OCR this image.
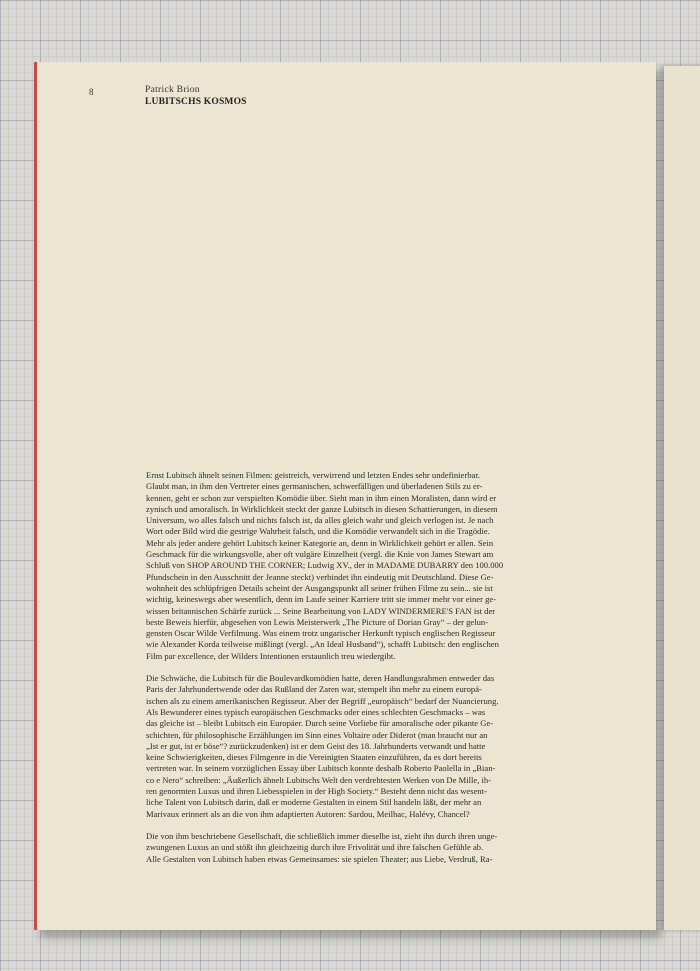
8	Patrick Brion
LUBITSCHS KOSMOS

Ernst Lubitsch ähnelt seinen Filmen: geistreich, verwirrend und letzten Endes sehr undefinierbar.
Glaubt man, in ihm den Vertreter eines germanischen, schwerfälligen und überladenen Stils zu er-
kennen, geht er schon zur verspielten Komödie über. Sieht man in ihm einen Moralisten, dann wird er
zynisch und amoralisch. In Wirklichkeit steckt der ganze Lubitsch in diesen Schattierungen, in diesem
Universum, wo alles falsch und nichts falsch ist, da alles gleich wahr und gleich verlogen ist. Je nach
Wort oder Bild wird die gestrige Wahrheit falsch, und die Komödie verwandelt sich in die Tragödie.
Mehr als jeder andere gehört Lubitsch keiner Kategorie an, denn in Wirklichkeit gehört er allen. Sein
Geschmack für die wirkungsvolle, aber oft vulgäre Einzelheit (vergl. die Knie von James Stewart am
Schluß von SHOP AROUND THE CORNER; Ludwig XV., der in MADAME DUBARRY den 100.000
Pfundschein in den Ausschnitt der Jeanne steckt) verbindet ihn eindeutig mit Deutschland. Diese Ge-
wohnheit des schlüpfrigen Details scheint der Ausgangspunkt all seiner frühen Filme zu sein... sie ist
wichtig, keineswegs aber wesentlich, denn im Laufe seiner Karriere tritt sie immer mehr vor einer ge-
wissen britannischen Schärfe zurück ... Seine Bearbeitung von LADY WINDERMERE'S FAN ist der
beste Beweis hierfür, abgesehen von Lewis Meisterwerk „The Picture of Dorian Gray“ – der gelun-
gensten Oscar Wilde Verfilmung. Was einem trotz ungarischer Herkunft typisch englischen Regisseur
wie Alexander Korda teilweise mißlingt (vergl. „An Ideal Husband“), schafft Lubitsch: den englischen
Film par excellence, der Wilders Intentionen erstaunlich treu wiedergibt.

Die Schwäche, die Lubitsch für die Boulevardkomödien hatte, deren Handlungsrahmen entweder das
Paris der Jahrhundertwende oder das Rußland der Zaren war, stempelt ihn mehr zu einem europä-
ischen als zu einem amerikanischen Regisseur. Aber der Begriff „europäisch“ bedarf der Nuancierung.
Als Bewunderer eines typisch europäischen Geschmacks oder eines schlechten Geschmacks – was
das gleiche ist – bleibt Lubitsch ein Europäer. Durch seine Vorliebe für amoralische oder pikante Ge-
schichten, für philosophische Erzählungen im Sinn eines Voltaire oder Diderot (man braucht nur an
„Ist er gut, ist er böse“? zurückzudenken) ist er dem Geist des 18. Jahrhunderts verwandt und hatte
keine Schwierigkeiten, dieses Filmgenre in die Vereinigten Staaten einzuführen, da es dort bereits
vertreten war. In seinem vorzüglichen Essay über Lubitsch konnte deshalb Roberto Paolella in „Bian-
co e Nero“ schreiben: „Äußerlich ähnelt Lubitschs Welt den verdrehtesten Werken von De Mille, ih-
ren genormten Luxus und ihren Liebesspielen in der High Society.“ Besteht denn nicht das wesent-
liche Talent von Lubitsch darin, daß er moderne Gestalten in einem Stil handeln läßt, der mehr an
Marivaux erinnert als an die von ihm adaptierten Autoren: Sardou, Meilhac, Halévy, Chancel?

Die von ihm beschriebene Gesellschaft, die schließlich immer dieselbe ist, zieht ihn durch ihren unge-
zwungenen Luxus an und stößt ihn gleichzeitig durch ihre Frivolität und ihre falschen Gefühle ab.
Alle Gestalten von Lubitsch haben etwas Gemeinsames: sie spielen Theater; aus Liebe, Verdruß, Ra-
